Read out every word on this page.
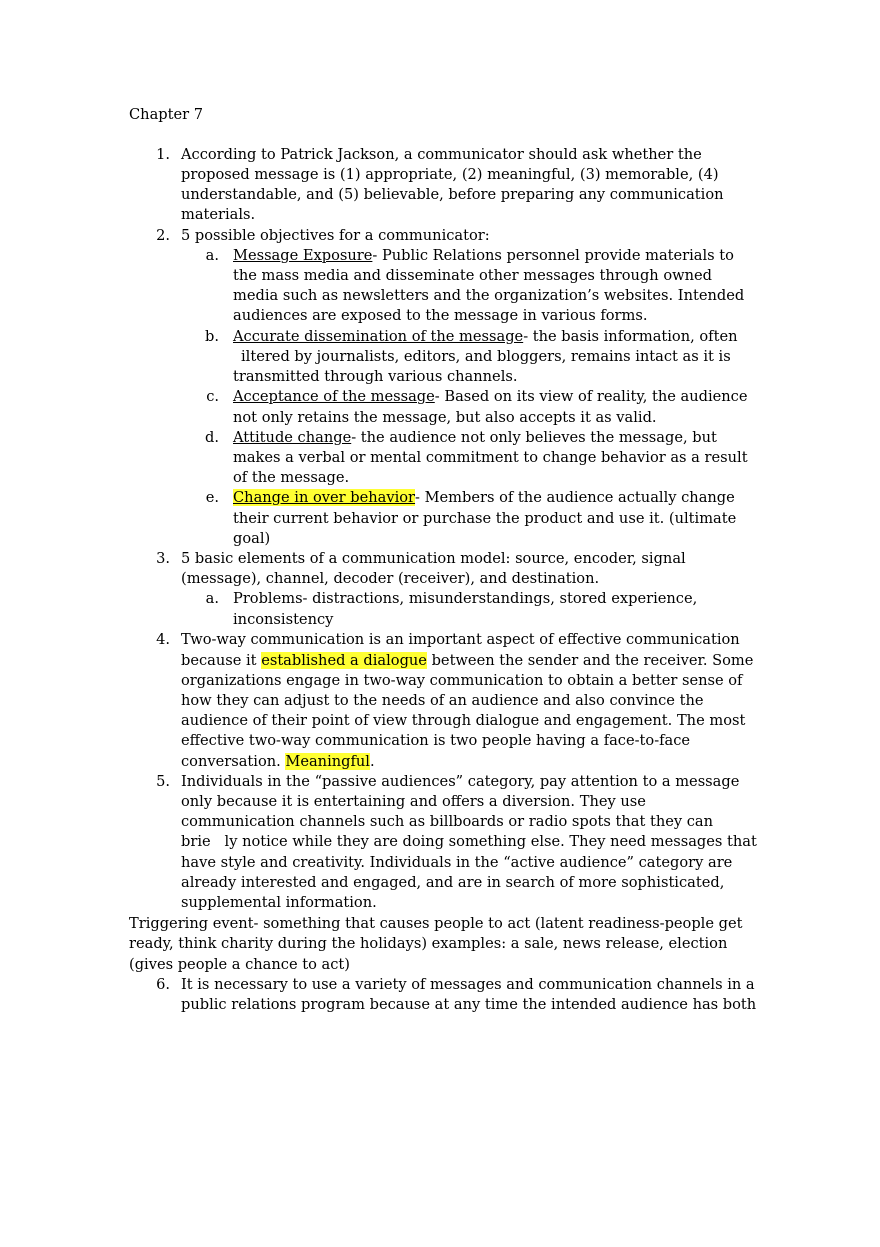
Chapter 7
1. According to Patrick Jackson, a communicator should ask whether the
proposed message is (1) appropriate, (2) meaningful, (3) memorable, (4)
understandable, and (5) believable, before preparing any communication
materials.
2. 5 possible objectives for a communicator:
a. Message Exposure- Public Relations personnel provide materials to
the mass media and disseminate other messages through owned
media such as newsletters and the organization’s websites. Intended
audiences are exposed to the message in various forms.
b. Accurate dissemination of the message- the basis information, often
iltered by journalists, editors, and bloggers, remains intact as it is
transmitted through various channels.
c. Acceptance of the message- Based on its view of reality, the audience
not only retains the message, but also accepts it as valid.
d. Attitude change- the audience not only believes the message, but
makes a verbal or mental commitment to change behavior as a result
of the message.
e. Change in over behavior- Members of the audience actually change
their current behavior or purchase the product and use it. (ultimate
goal)
3. 5 basic elements of a communication model: source, encoder, signal
(message), channel, decoder (receiver), and destination.
a. Problems- distractions, misunderstandings, stored experience,
inconsistency
4. Two-way communication is an important aspect of effective communication
because it established a dialogue between the sender and the receiver. Some
organizations engage in two-way communication to obtain a better sense of
how they can adjust to the needs of an audience and also convince the
audience of their point of view through dialogue and engagement. The most
effective two-way communication is two people having a face-to-face
conversation. Meaningful.
5. Individuals in the “passive audiences” category, pay attention to a message
only because it is entertaining and offers a diversion. They use
communication channels such as billboards or radio spots that they can
brie   ly notice while they are doing something else. They need messages that
have style and creativity. Individuals in the “active audience” category are
already interested and engaged, and are in search of more sophisticated,
supplemental information.
Triggering event- something that causes people to act (latent readiness-people get
ready, think charity during the holidays) examples: a sale, news release, election
(gives people a chance to act)
6. It is necessary to use a variety of messages and communication channels in a
public relations program because at any time the intended audience has both
